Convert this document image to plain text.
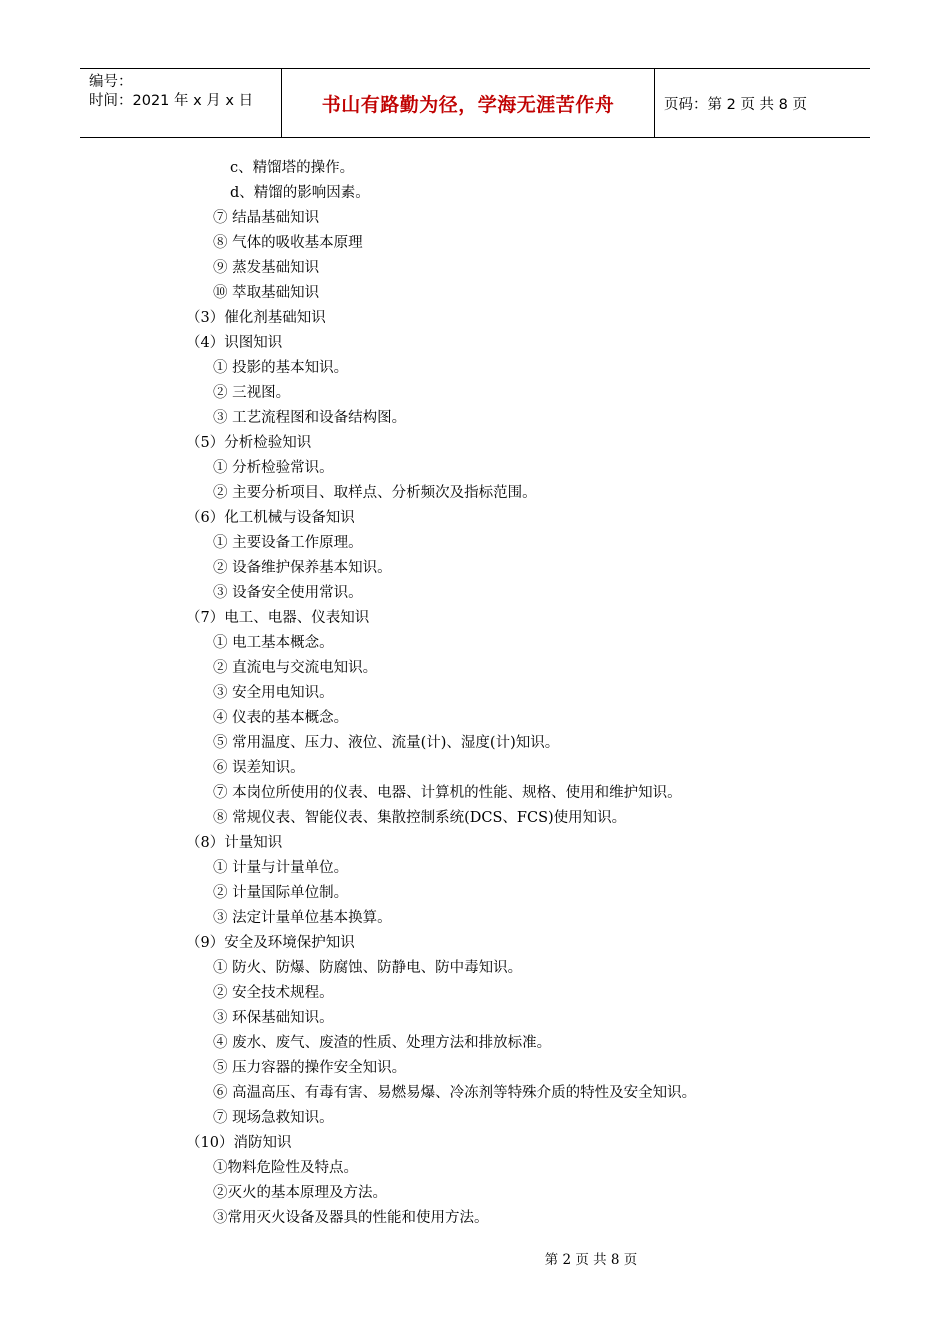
编号：
时间：2021 年 x 月 x 日	书山有路勤为径，学海无涯苦作舟	页码：第 2 页 共 8 页
c、精馏塔的操作。
d、精馏的影响因素。
⑦ 结晶基础知识
⑧ 气体的吸收基本原理
⑨ 蒸发基础知识
⑩ 萃取基础知识
（3）催化剂基础知识
（4）识图知识
① 投影的基本知识。
② 三视图。
③ 工艺流程图和设备结构图。
（5）分析检验知识
① 分析检验常识。
② 主要分析项目、取样点、分析频次及指标范围。
（6）化工机械与设备知识
① 主要设备工作原理。
② 设备维护保养基本知识。
③ 设备安全使用常识。
（7）电工、电器、仪表知识
① 电工基本概念。
② 直流电与交流电知识。
③ 安全用电知识。
④ 仪表的基本概念。
⑤ 常用温度、压力、液位、流量(计)、湿度(计)知识。
⑥ 误差知识。
⑦ 本岗位所使用的仪表、电器、计算机的性能、规格、使用和维护知识。
⑧ 常规仪表、智能仪表、集散控制系统(DCS、FCS)使用知识。
（8）计量知识
① 计量与计量单位。
② 计量国际单位制。
③ 法定计量单位基本换算。
（9）安全及环境保护知识
① 防火、防爆、防腐蚀、防静电、防中毒知识。
② 安全技术规程。
③ 环保基础知识。
④ 废水、废气、废渣的性质、处理方法和排放标准。
⑤ 压力容器的操作安全知识。
⑥ 高温高压、有毒有害、易燃易爆、冷冻剂等特殊介质的特性及安全知识。
⑦ 现场急救知识。
（10）消防知识
①物料危险性及特点。
②灭火的基本原理及方法。
③常用灭火设备及器具的性能和使用方法。
第 2 页 共 8 页
